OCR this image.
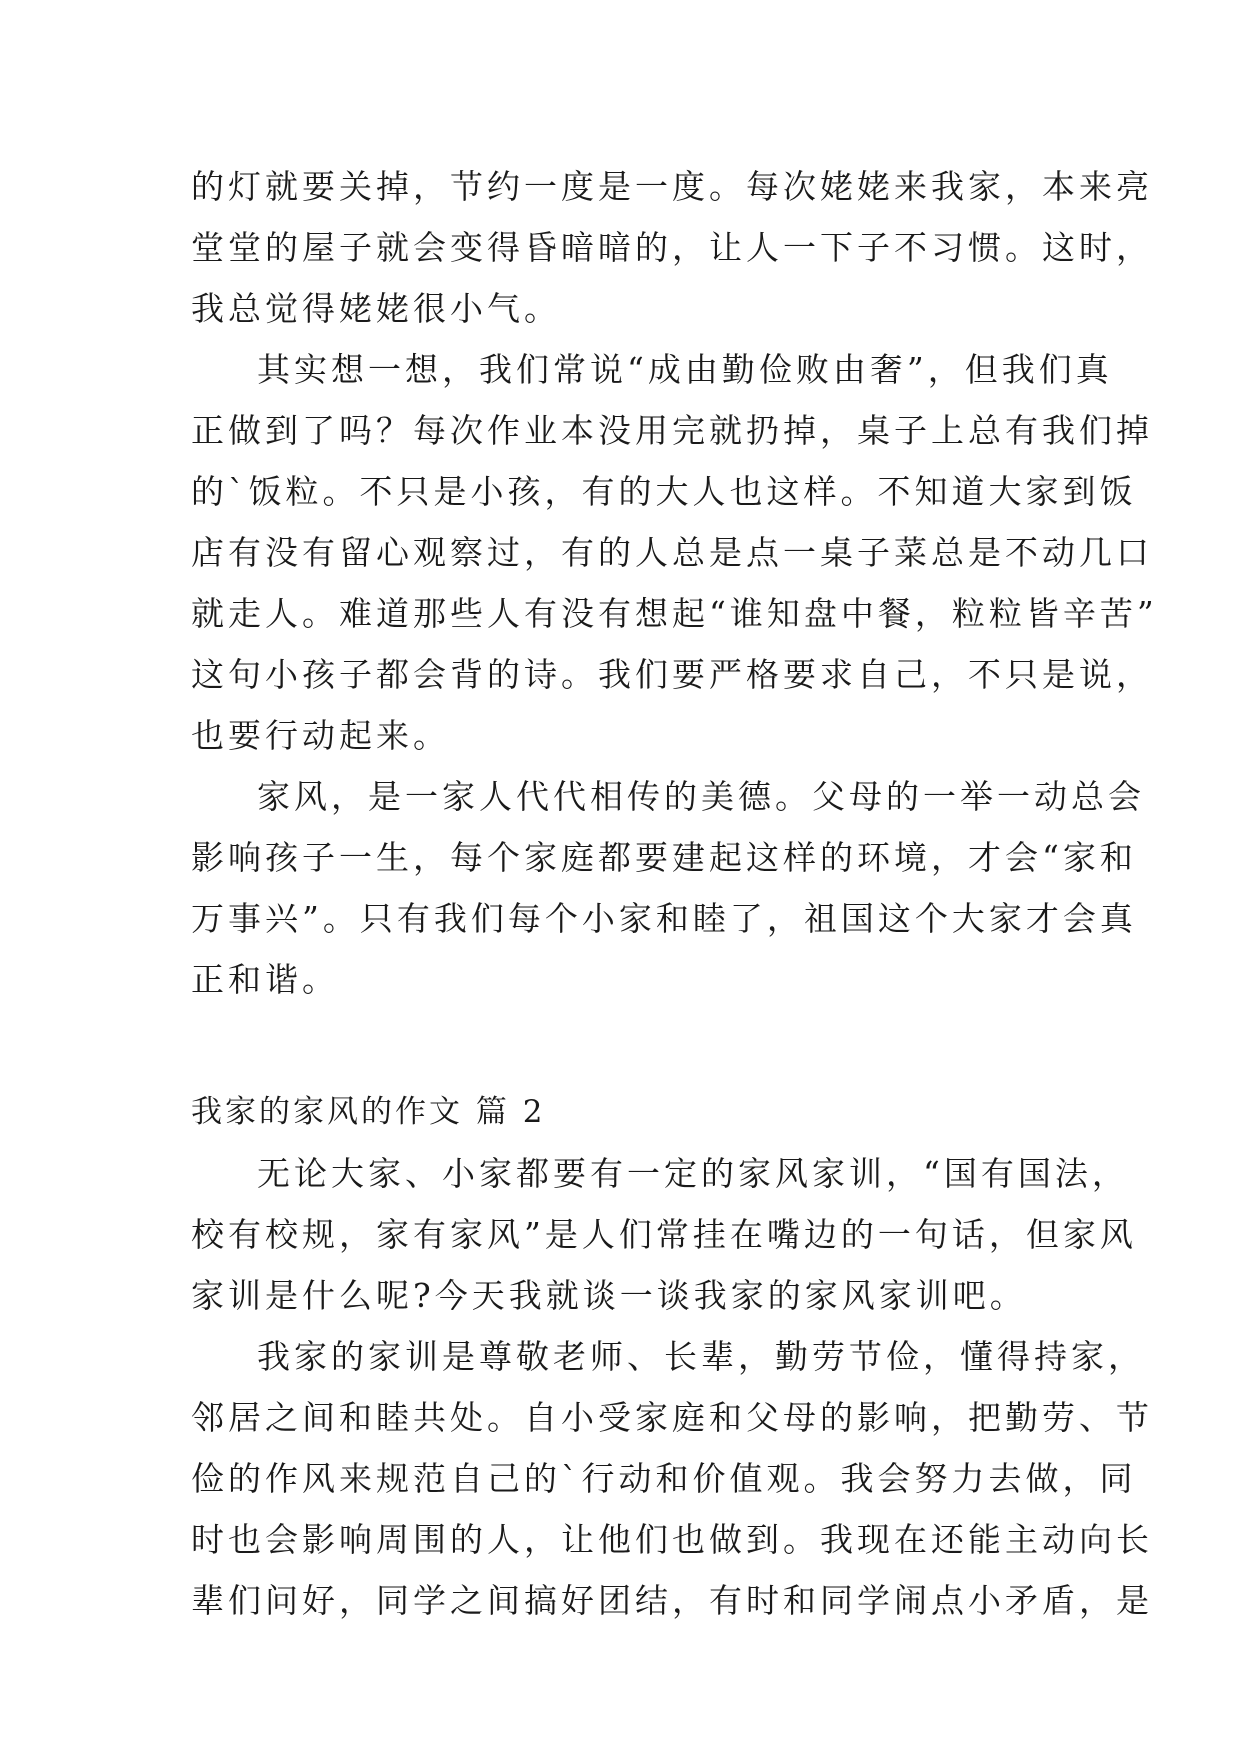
的灯就要关掉，节约一度是一度。每次姥姥来我家，本来亮
堂堂的屋子就会变得昏暗暗的，让人一下子不习惯。这时，
我总觉得姥姥很小气。
其实想一想，我们常说“成由勤俭败由奢”，但我们真
正做到了吗？每次作业本没用完就扔掉，桌子上总有我们掉
的`饭粒。不只是小孩，有的大人也这样。不知道大家到饭
店有没有留心观察过，有的人总是点一桌子菜总是不动几口
就走人。难道那些人有没有想起“谁知盘中餐，粒粒皆辛苦”
这句小孩子都会背的诗。我们要严格要求自己，不只是说，
也要行动起来。
家风，是一家人代代相传的美德。父母的一举一动总会
影响孩子一生，每个家庭都要建起这样的环境，才会“家和
万事兴”。只有我们每个小家和睦了，祖国这个大家才会真
正和谐。
我家的家风的作文 篇 2
无论大家、小家都要有一定的家风家训，“国有国法，
校有校规，家有家风”是人们常挂在嘴边的一句话，但家风
家训是什么呢?今天我就谈一谈我家的家风家训吧。
我家的家训是尊敬老师、长辈，勤劳节俭，懂得持家，
邻居之间和睦共处。自小受家庭和父母的影响，把勤劳、节
俭的作风来规范自己的`行动和价值观。我会努力去做，同
时也会影响周围的人，让他们也做到。我现在还能主动向长
辈们问好，同学之间搞好团结，有时和同学闹点小矛盾，是
